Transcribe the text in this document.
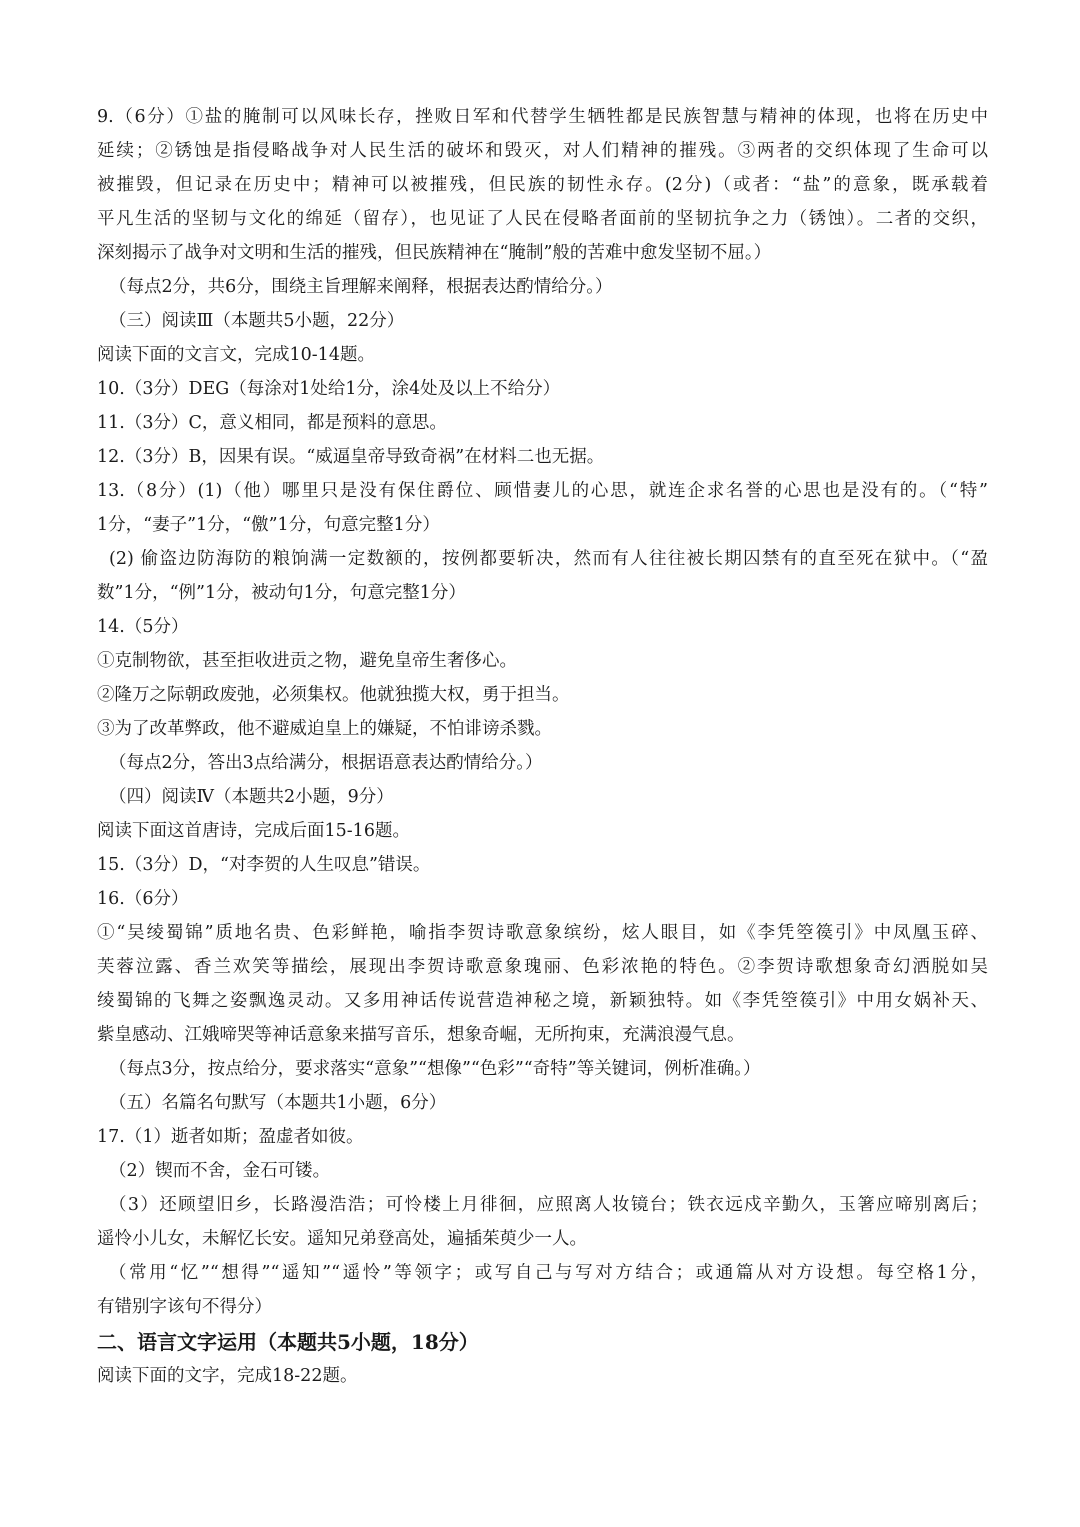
9.（6分）①盐的腌制可以风味长存，挫败日军和代替学生牺牲都是民族智慧与精神的体现，也将在历史中
延续；②锈蚀是指侵略战争对人民生活的破坏和毁灭，对人们精神的摧残。③两者的交织体现了生命可以
被摧毁，但记录在历史中；精神可以被摧残，但民族的韧性永存。(2分)（或者：“盐”的意象，既承载着
平凡生活的坚韧与文化的绵延（留存），也见证了人民在侵略者面前的坚韧抗争之力（锈蚀）。二者的交织，
深刻揭示了战争对文明和生活的摧残，但民族精神在“腌制”般的苦难中愈发坚韧不屈。）
（每点2分，共6分，围绕主旨理解来阐释，根据表达酌情给分。）
（三）阅读Ⅲ（本题共5小题，22分）
阅读下面的文言文，完成10-14题。
10.（3分）DEG（每涂对1处给1分，涂4处及以上不给分）
11.（3分）C，意义相同，都是预料的意思。
12.（3分）B，因果有误。“威逼皇帝导致奇祸”在材料二也无据。
13.（8分）(1)（他）哪里只是没有保住爵位、顾惜妻儿的心思，就连企求名誉的心思也是没有的。（“特”
1分，“妻子”1分，“儌”1分，句意完整1分）
(2) 偷盗边防海防的粮饷满一定数额的，按例都要斩决，然而有人往往被长期囚禁有的直至死在狱中。（“盈
数”1分，“例”1分，被动句1分，句意完整1分）
14.（5分）
①克制物欲，甚至拒收进贡之物，避免皇帝生奢侈心。
②隆万之际朝政废弛，必须集权。他就独揽大权，勇于担当。
③为了改革弊政，他不避威迫皇上的嫌疑，不怕诽谤杀戮。
（每点2分，答出3点给满分，根据语意表达酌情给分。）
（四）阅读Ⅳ（本题共2小题，9分）
阅读下面这首唐诗，完成后面15-16题。
15.（3分）D，“对李贺的人生叹息”错误。
16.（6分）
①“吴绫蜀锦”质地名贵、色彩鲜艳，喻指李贺诗歌意象缤纷，炫人眼目，如《李凭箜篌引》中凤凰玉碎、
芙蓉泣露、香兰欢笑等描绘，展现出李贺诗歌意象瑰丽、色彩浓艳的特色。②李贺诗歌想象奇幻洒脱如吴
绫蜀锦的飞舞之姿飘逸灵动。又多用神话传说营造神秘之境，新颖独特。如《李凭箜篌引》中用女娲补天、
紫皇感动、江娥啼哭等神话意象来描写音乐，想象奇崛，无所拘束，充满浪漫气息。
（每点3分，按点给分，要求落实“意象”“想像”“色彩”“奇特”等关键词，例析准确。）
（五）名篇名句默写（本题共1小题，6分）
17.（1）逝者如斯；盈虚者如彼。
（2）锲而不舍，金石可镂。
（3）还顾望旧乡，长路漫浩浩；可怜楼上月徘徊，应照离人妆镜台；铁衣远戍辛勤久，玉箸应啼别离后；
遥怜小儿女，未解忆长安。遥知兄弟登高处，遍插茱萸少一人。
（常用“忆”“想得”“遥知”“遥怜”等领字；或写自己与写对方结合；或通篇从对方设想。每空格1分，
有错别字该句不得分）
二、语言文字运用（本题共5小题，18分）
阅读下面的文字，完成18-22题。
